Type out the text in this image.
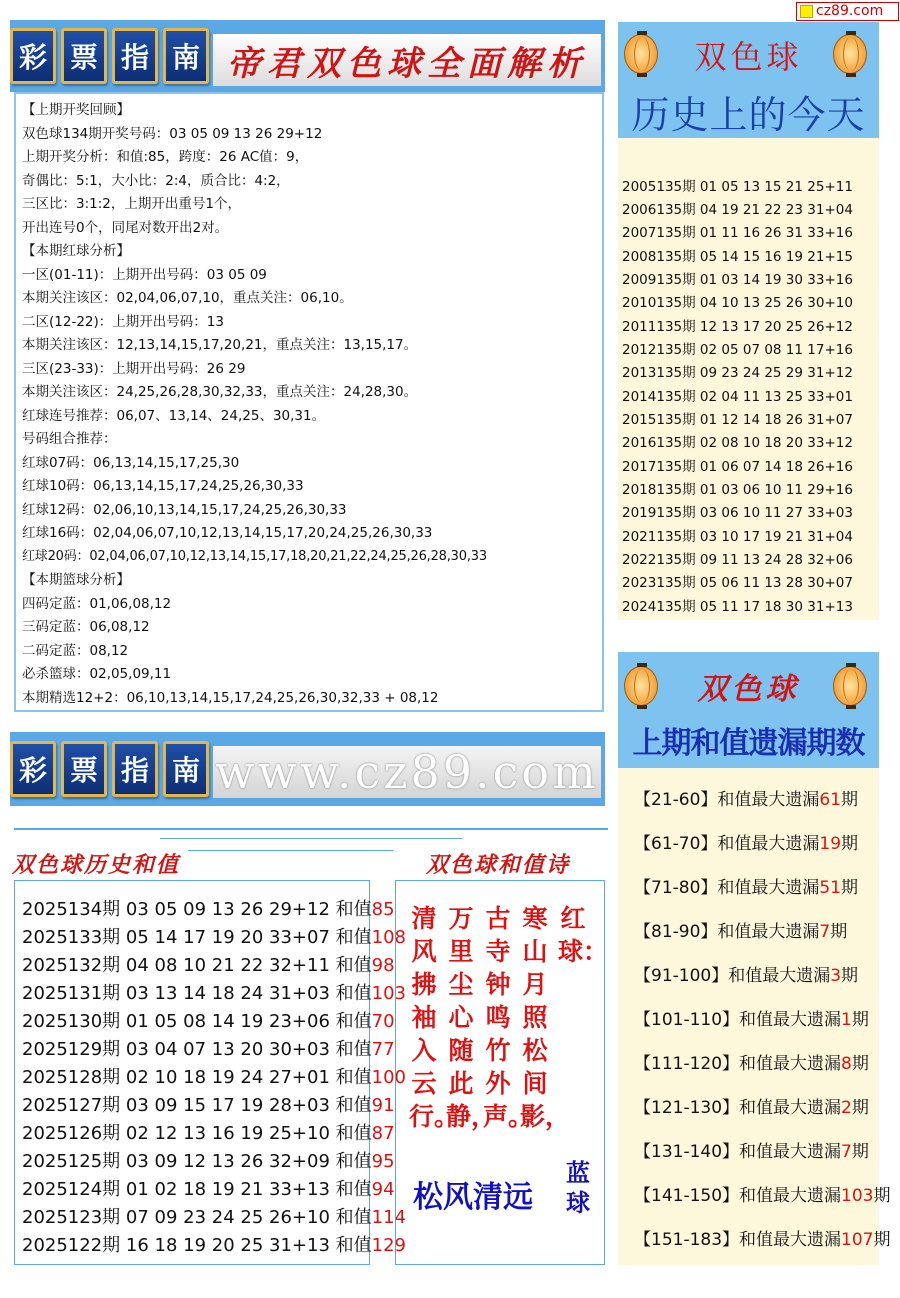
cz89.com
彩 票 指 南 帝君双色球全面解析
【上期开奖回顾】
双色球134期开奖号码：03 05 09 13 26 29+12
上期开奖分析：和值:85，跨度：26 AC值：9，
奇偶比：5:1，大小比：2:4，质合比：4:2，
三区比：3:1:2，上期开出重号1个，
开出连号0个，同尾对数开出2对。
【本期红球分析】
一区(01-11)：上期开出号码：03 05 09
本期关注该区：02,04,06,07,10，重点关注：06,10。
二区(12-22)：上期开出号码：13
本期关注该区：12,13,14,15,17,20,21，重点关注：13,15,17。
三区(23-33)：上期开出号码：26 29
本期关注该区：24,25,26,28,30,32,33，重点关注：24,28,30。
红球连号推荐：06,07、13,14、24,25、30,31。
号码组合推荐：
红球07码：06,13,14,15,17,25,30
红球10码：06,13,14,15,17,24,25,26,30,33
红球12码：02,06,10,13,14,15,17,24,25,26,30,33
红球16码：02,04,06,07,10,12,13,14,15,17,20,24,25,26,30,33
红球20码：02,04,06,07,10,12,13,14,15,17,18,20,21,22,24,25,26,28,30,33
【本期篮球分析】
四码定蓝：01,06,08,12
三码定蓝：06,08,12
二码定蓝：08,12
必杀篮球：02,05,09,11
本期精选12+2：06,10,13,14,15,17,24,25,26,30,32,33 + 08,12
双色球
历史上的今天
2005135期 01 05 13 15 21 25+11
2006135期 04 19 21 22 23 31+04
2007135期 01 11 16 26 31 33+16
2008135期 05 14 15 16 19 21+15
2009135期 01 03 14 19 30 33+16
2010135期 04 10 13 25 26 30+10
2011135期 12 13 17 20 25 26+12
2012135期 02 05 07 08 11 17+16
2013135期 09 23 24 25 29 31+12
2014135期 02 04 11 13 25 33+01
2015135期 01 12 14 18 26 31+07
2016135期 02 08 10 18 20 33+12
2017135期 01 06 07 14 18 26+16
2018135期 01 03 06 10 11 29+16
2019135期 03 06 10 11 27 33+03
2021135期 03 10 17 19 21 31+04
2022135期 09 11 13 24 28 32+06
2023135期 05 06 11 13 28 30+07
2024135期 05 11 17 18 30 31+13
双色球
上期和值遗漏期数
【21-60】和值最大遗漏61期
【61-70】和值最大遗漏19期
【71-80】和值最大遗漏51期
【81-90】和值最大遗漏7期
【91-100】和值最大遗漏3期
【101-110】和值最大遗漏1期
【111-120】和值最大遗漏8期
【121-130】和值最大遗漏2期
【131-140】和值最大遗漏7期
【141-150】和值最大遗漏103期
【151-183】和值最大遗漏107期
彩 票 指 南 www.cz89.com
双色球历史和值	双色球和值诗
2025134期 03 05 09 13 26 29+12 和值85
2025133期 05 14 17 19 20 33+07 和值108
2025132期 04 08 10 21 22 32+11 和值98
2025131期 03 13 14 18 24 31+03 和值103
2025130期 01 05 08 14 19 23+06 和值70
2025129期 03 04 07 13 20 30+03 和值77
2025128期 02 10 18 19 24 27+01 和值100
2025127期 03 09 15 17 19 28+03 和值91
2025126期 02 12 13 16 19 25+10 和值87
2025125期 03 09 12 13 26 32+09 和值95
2025124期 01 02 18 19 21 33+13 和值94
2025123期 07 09 23 24 25 26+10 和值114
2025122期 16 18 19 20 25 31+13 和值129
红球：
寒山月照松间影，
古寺钟鸣竹外声。
万里尘心随此静，
清风拂袖入云行。
松风清远
蓝球
